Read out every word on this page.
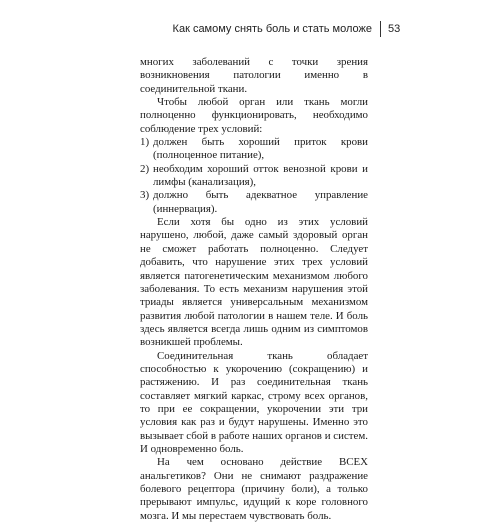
Как самому снять боль и стать моложе 53

многих заболеваний с точки зрения возникновения патологии именно в соединительной ткани.

Чтобы любой орган или ткань могли полноценно функционировать, необходимо соблюдение трех условий:

1) должен быть хороший приток крови (полноценное питание),
2) необходим хороший отток венозной крови и лимфы (канализация),
3) должно быть адекватное управление (иннервация).

Если хотя бы одно из этих условий нарушено, любой, даже самый здоровый орган не сможет работать полноценно. Следует добавить, что нарушение этих трех условий является патогенетическим механизмом любого заболевания. То есть механизм нарушения этой триады является универсальным механизмом развития любой патологии в нашем теле. И боль здесь является всегда лишь одним из симптомов возникшей проблемы.

Соединительная ткань обладает способностью к укорочению (сокращению) и растяжению. И раз соединительная ткань составляет мягкий каркас, строму всех органов, то при ее сокращении, укорочении эти три условия как раз и будут нарушены. Именно это вызывает сбой в работе наших органов и систем. И одновременно боль.

На чем основано действие ВСЕХ анальгетиков? Они не снимают раздражение болевого рецептора (причину боли), а только прерывают импульс, идущий к коре головного мозга. И мы перестаем чувствовать боль.
